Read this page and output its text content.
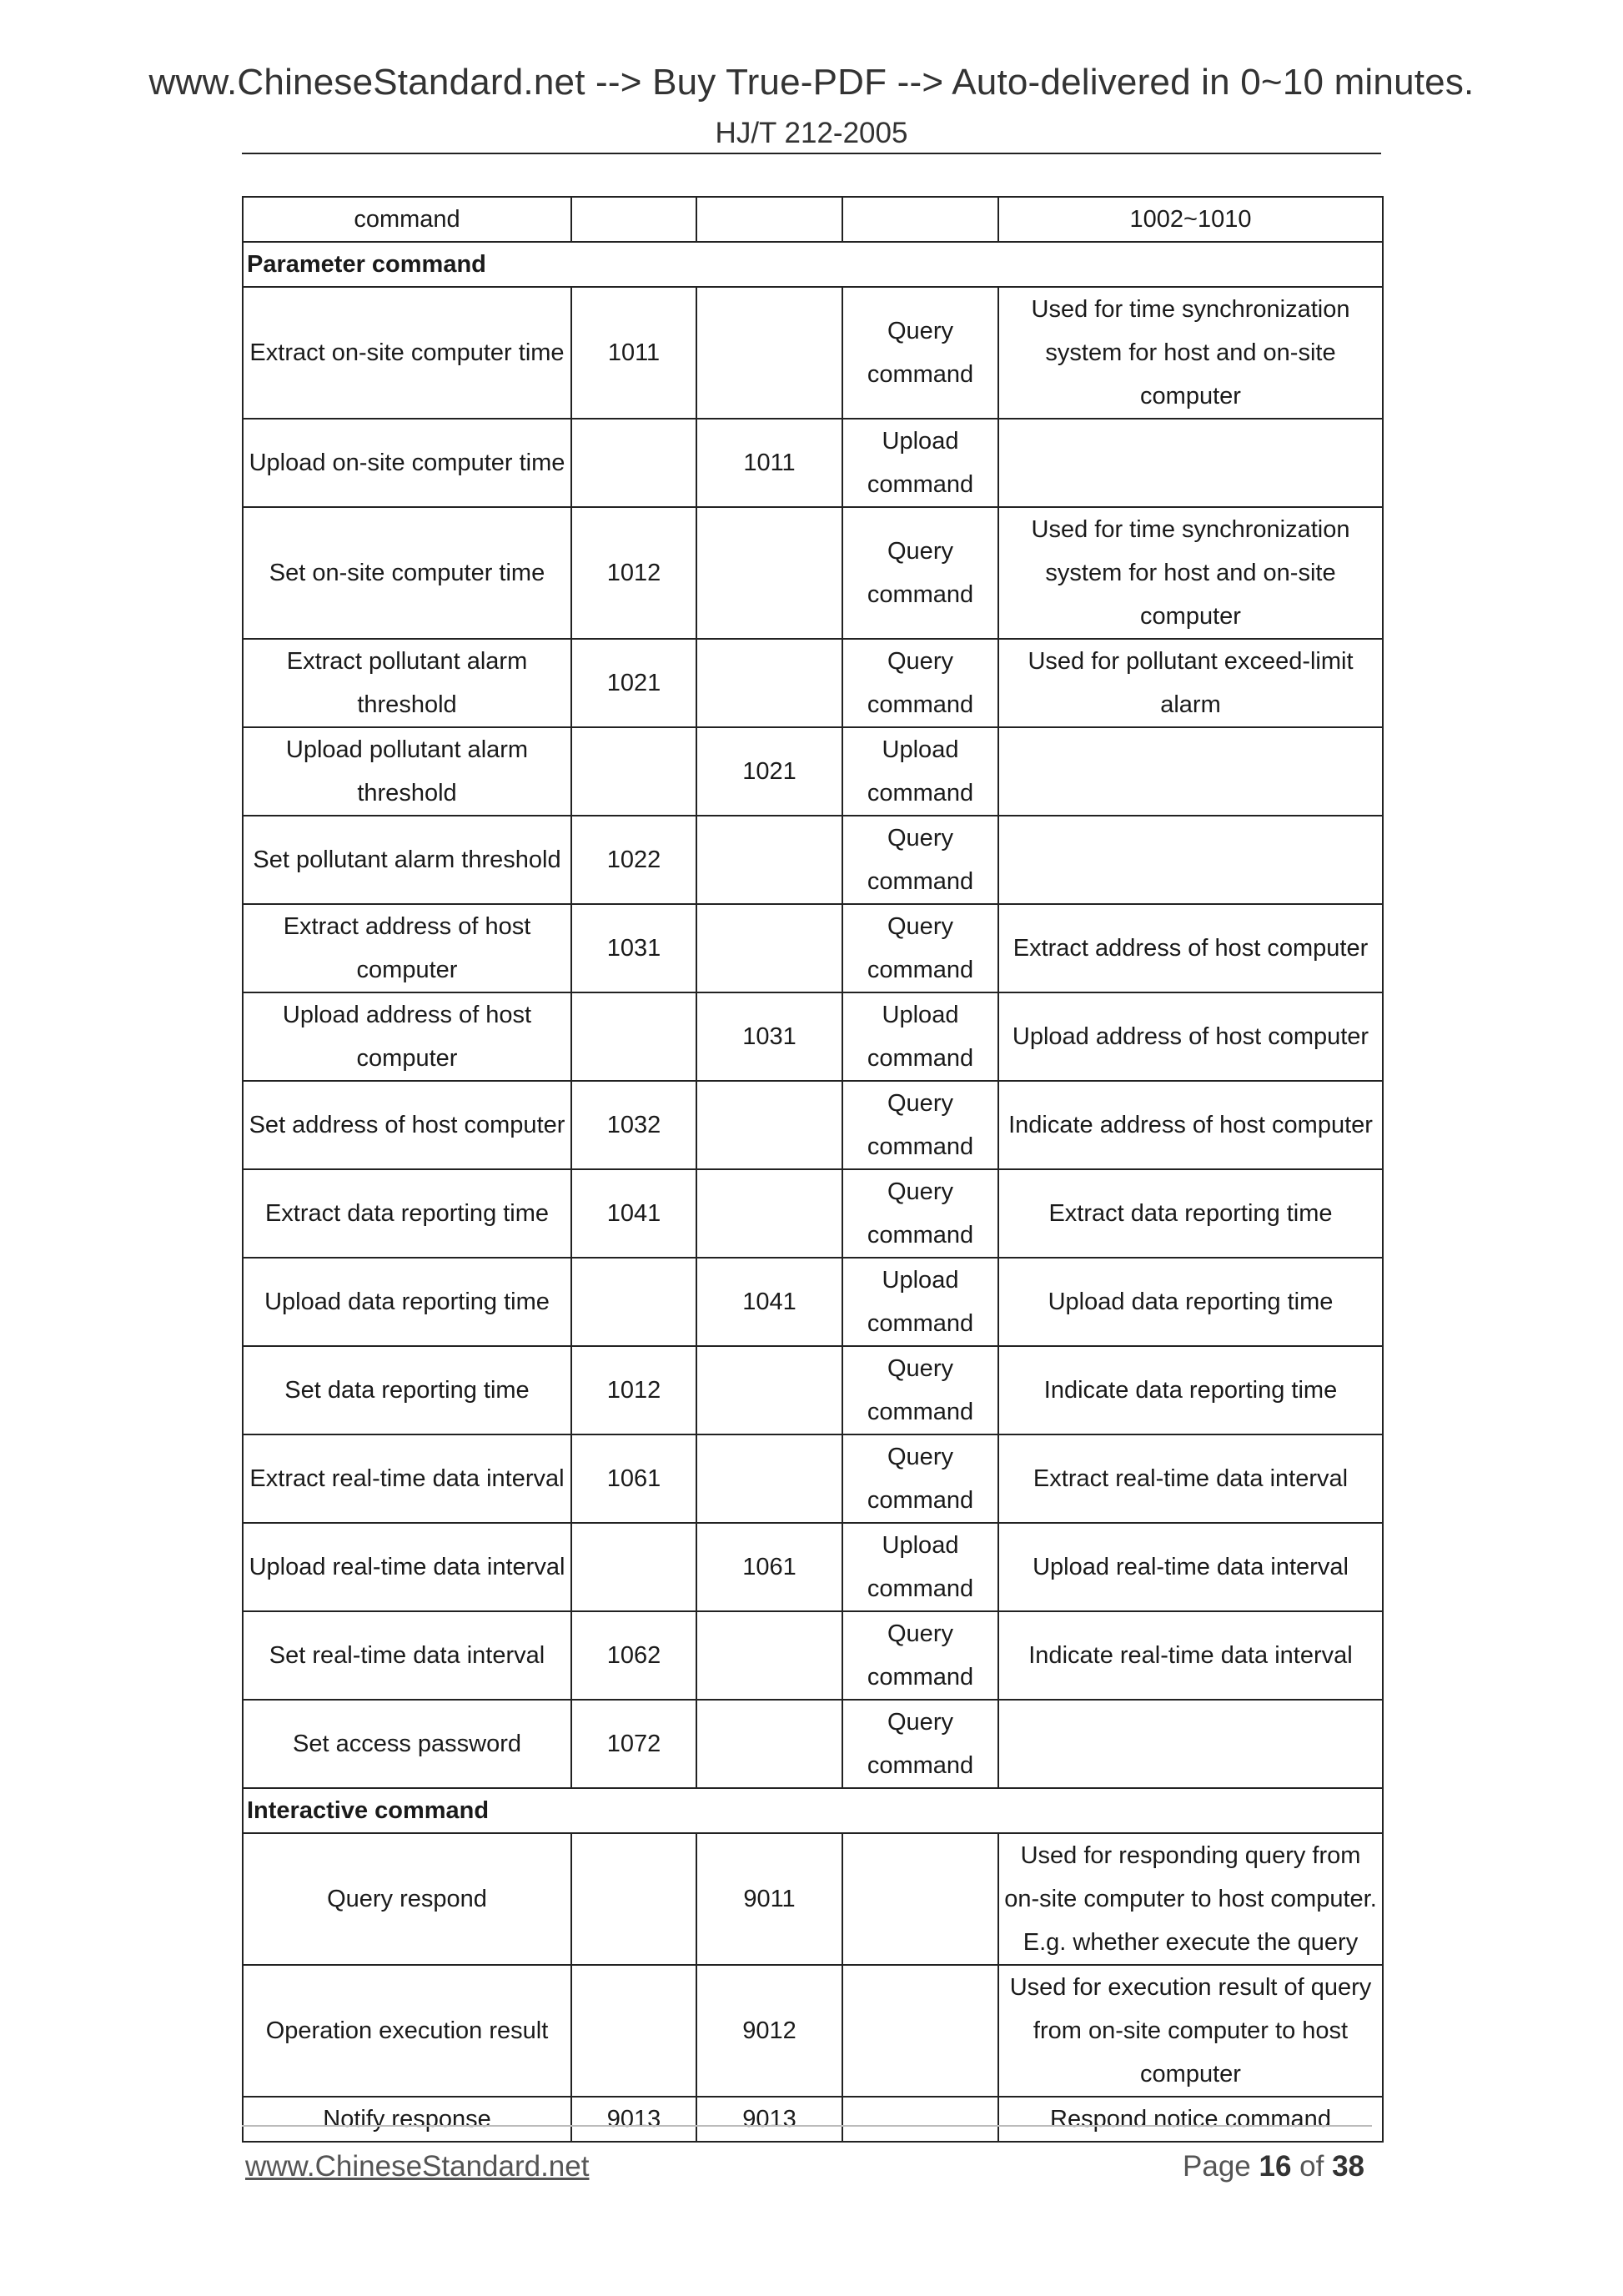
www.ChineseStandard.net --> Buy True-PDF --> Auto-delivered in 0~10 minutes.
HJ/T 212-2005
command				1002~1010
Parameter command				
Extract on-site computer time	1011		Query command	Used for time synchronization system for host and on-site computer
Upload on-site computer time		1011	Upload command	
Set on-site computer time	1012		Query command	Used for time synchronization system for host and on-site computer
Extract pollutant alarm threshold	1021		Query command	Used for pollutant exceed-limit alarm
Upload pollutant alarm threshold		1021	Upload command	
Set pollutant alarm threshold	1022		Query command	
Extract address of host computer	1031		Query command	Extract address of host computer
Upload address of host computer		1031	Upload command	Upload address of host computer
Set address of host computer	1032		Query command	Indicate address of host computer
Extract data reporting time	1041		Query command	Extract data reporting time
Upload data reporting time		1041	Upload command	Upload data reporting time
Set data reporting time	1012		Query command	Indicate data reporting time
Extract real-time data interval	1061		Query command	Extract real-time data interval
Upload real-time data interval		1061	Upload command	Upload real-time data interval
Set real-time data interval	1062		Query command	Indicate real-time data interval
Set access password	1072		Query command	
Interactive command				
Query respond		9011		Used for responding query from on-site computer to host computer. E.g. whether execute the query
Operation execution result		9012		Used for execution result of query from on-site computer to host computer
Notify response	9013	9013		Respond notice command
www.ChineseStandard.net	Page 16 of 38
